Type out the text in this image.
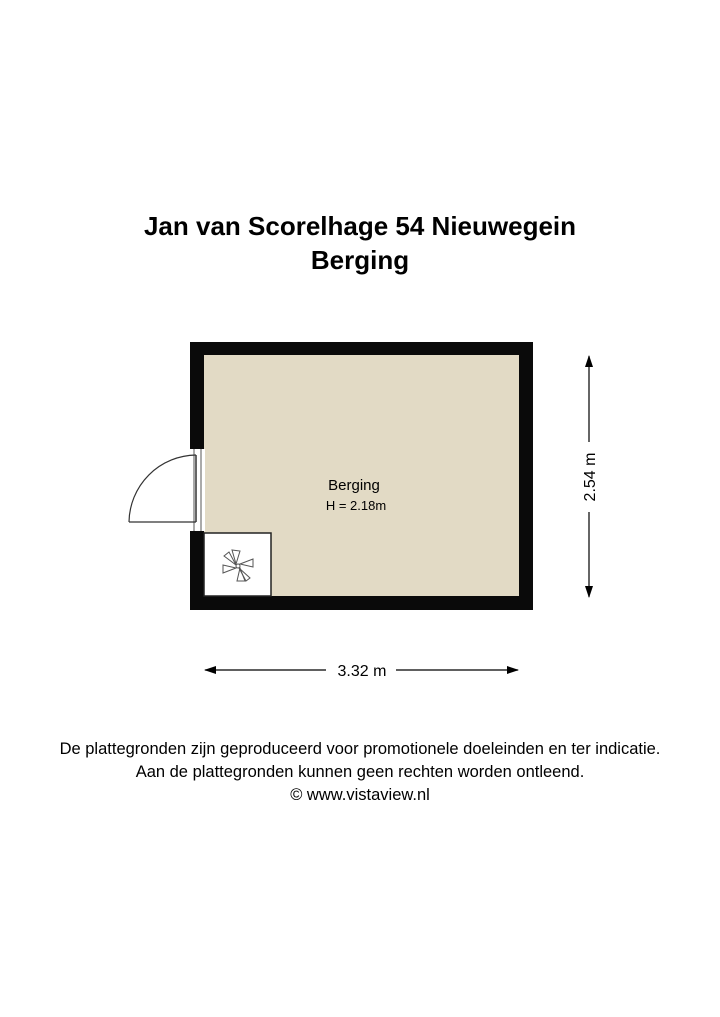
Jan van Scorelhage 54 Nieuwegein
Berging
Berging
H = 2.18m
3.32 m
2.54 m
De plattegronden zijn geproduceerd voor promotionele doeleinden en ter indicatie.
Aan de plattegronden kunnen geen rechten worden ontleend.
© www.vistaview.nl
